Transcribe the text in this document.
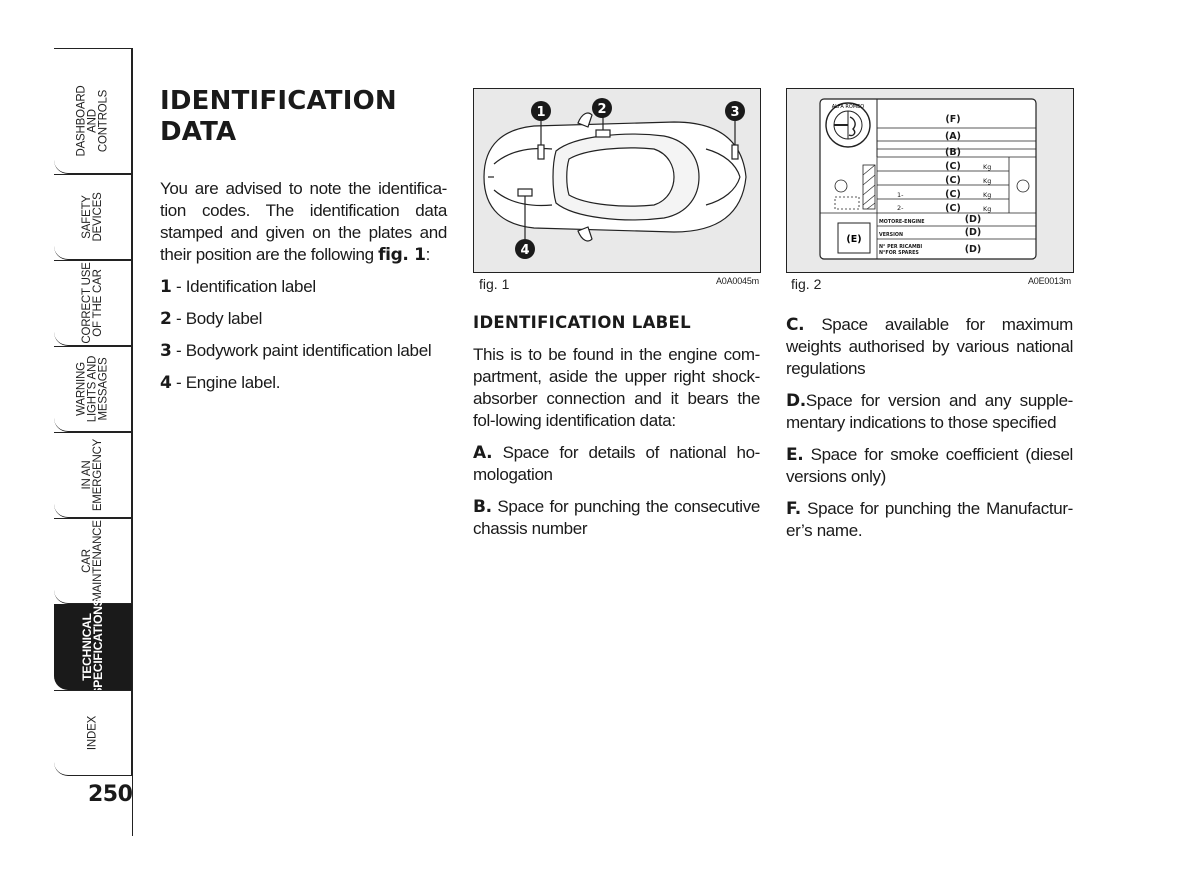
DASHBOARD AND CONTROLS
SAFETY DEVICES
CORRECT USE OF THE CAR
WARNING LIGHTS AND MESSAGES
IN AN EMERGENCY
CAR MAINTENANCE
TECHNICAL
SPECIFICATIONS
INDEX
250
IDENTIFICATION
DATA

You are advised to note the identifica-tion codes. The identification data stamped and given on the plates and their position are the following fig. 1:

1 - Identification label

2 - Body label

3 - Bodywork paint identification label

4 - Engine label.

1	2	3
4
fig. 1	A0A0045m
ALFA ROMEO
(F)
(A)
(B)
(C)
(C)
(C)
(C)
Kg
Kg
Kg
Kg
1-
2-
(E)
MOTORE-ENGINE
VERSION
N° PER RICAMBI
N°FOR SPARES
(D)
(D)
(D)
fig. 2	A0E0013m
IDENTIFICATION LABEL

This is to be found in the engine com-partment, aside the upper right shock-absorber connection and it bears the fol-lowing identification data:

A. Space for details of national ho-mologation

B. Space for punching the consecutive chassis number

C. Space available for maximum weights authorised by various national regulations

D.Space for version and any supple-mentary indications to those specified

E. Space for smoke coefficient (diesel versions only)

F. Space for punching the Manufactur-er’s name.
